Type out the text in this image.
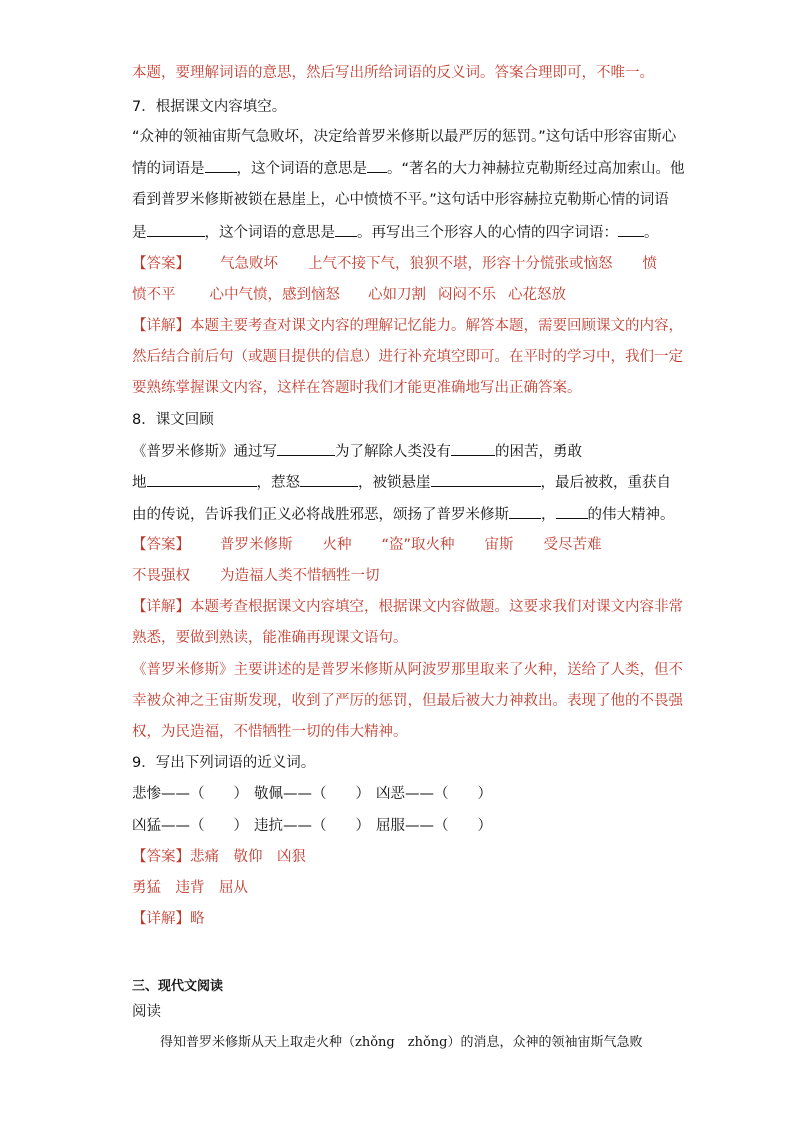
本题，要理解词语的意思，然后写出所给词语的反义词。答案合理即可，不唯一。
7．根据课文内容填空。
“众神的领袖宙斯气急败坏，决定给普罗米修斯以最严厉的惩罚。”这句话中形容宙斯心
情的词语是 ，这个词语的意思是 。“著名的大力神赫拉克勒斯经过高加索山。他
看到普罗米修斯被锁在悬崖上，心中愤愤不平。”这句话中形容赫拉克勒斯心情的词语
是	，这个词语的意思是 。再写出三个形容人的心情的四字词语： 。
【答案】 气急败坏 上气不接下气，狼狈不堪，形容十分慌张或恼怒 愤
愤不平 心中气愤，感到恼怒 心如刀割 闷闷不乐 心花怒放
【详解】本题主要考查对课文内容的理解记忆能力。解答本题，需要回顾课文的内容，
然后结合前后句（或题目提供的信息）进行补充填空即可。在平时的学习中，我们一定
要熟练掌握课文内容，这样在答题时我们才能更准确地写出正确答案。
8．课文回顾
《普罗米修斯》通过写	为了解除人类没有	的困苦，勇敢
地	，惹怒	，被锁悬崖	，最后被救，重获自
由的传说，告诉我们正义必将战胜邪恶，颂扬了普罗米修斯 ， 的伟大精神。
【答案】 普罗米修斯 火种 “盗”取火种 宙斯 受尽苦难
不畏强权 为造福人类不惜牺牲一切
【详解】本题考查根据课文内容填空，根据课文内容做题。这要求我们对课文内容非常
熟悉，要做到熟读，能准确再现课文语句。
《普罗米修斯》主要讲述的是普罗米修斯从阿波罗那里取来了火种，送给了人类，但不
幸被众神之王宙斯发现，收到了严厉的惩罚，但最后被大力神救出。表现了他的不畏强
权，为民造福，不惜牺牲一切的伟大精神。
9．写出下列词语的近义词。
悲惨——（　　） 敬佩——（　　） 凶恶——（　　）
凶猛——（　　） 违抗——（　　） 屈服——（　　）
【答案】悲痛　敬仰　凶狠
勇猛　违背　屈从
【详解】略
三、现代文阅读
阅读
得知普罗米修斯从天上取走火种（zhǒng　zhǒng）的消息，众神的领袖宙斯气急败
